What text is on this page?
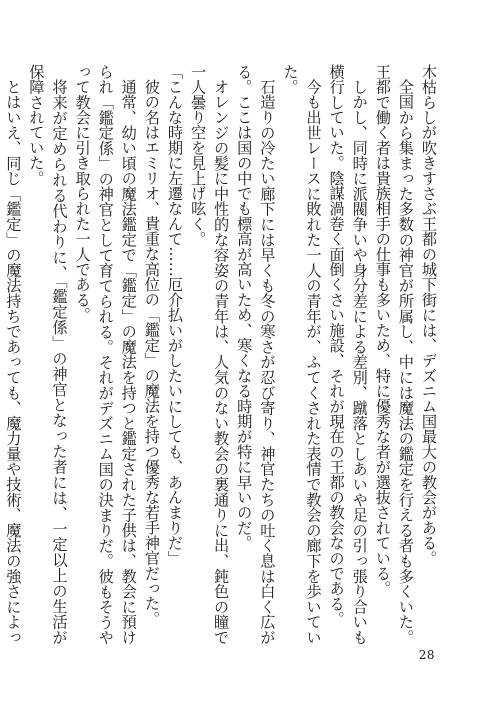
木枯らしが吹きすさぶ王都の城下街には、デズニム国最大の教会がある。

全国から集まった多数の神官が所属し、中には魔法の鑑定を行える者も多くいた。王都で働く者は貴族相手の仕事も多いため、特に優秀な者が選抜されている。

しかし、同時に派閥争いや身分差による差別、蹴落としあいや足の引っ張り合いも横行していた。陰謀渦巻く面倒くさい施設、それが現在の王都の教会なのである。

今も出世レースに敗れた一人の青年が、ふてくされた表情で教会の廊下を歩いていた。

石造りの冷たい廊下には早くも冬の寒さが忍び寄り、神官たちの吐く息は白く広がる。ここは国の中でも標高が高いため、寒くなる時期が特に早いのだ。

オレンジの髪に中性的な容姿の青年は、人気のない教会の裏通りに出、鈍色の瞳で一人曇り空を見上げ呟く。

「こんな時期に左遷なんて……厄介払いがしたいにしても、あんまりだ」

彼の名はエミリオ、貴重な高位の「鑑定」の魔法を持つ優秀な若手神官だった。

通常、幼い頃の魔法鑑定で「鑑定」の魔法を持つと鑑定された子供は、教会に預けられ「鑑定係」の神官として育てられる。それがデズニム国の決まりだ。彼もそうやって教会に引き取られた一人である。

将来が定められる代わりに、「鑑定係」の神官となった者には、一定以上の生活が保障されていた。

とはいえ、同じ「鑑定」の魔法持ちであっても、魔力量や技術、魔法の強さによっ

28
